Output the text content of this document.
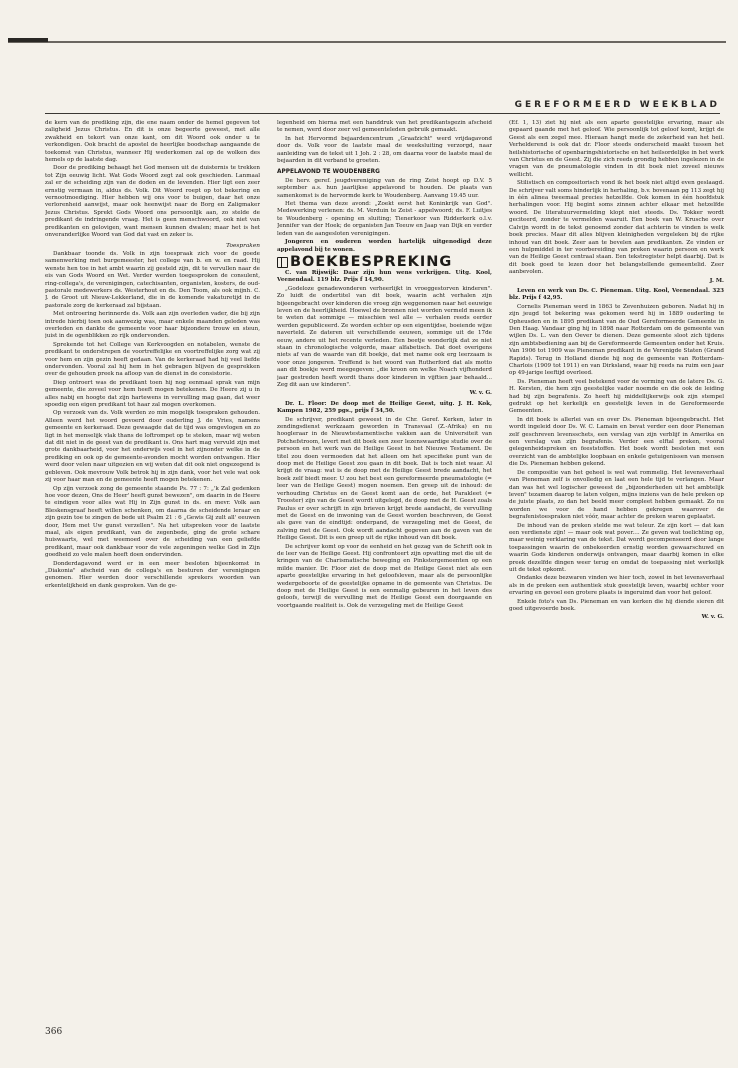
GEREFORMEERD WEEKBLAD

de kern van de prediking zijn, die ene naam onder de hemel gegeven tot zaligheid Jezus Christus. En dit is onze begeerte geweest, met alle zwakheid en tekort van onze kant, om dit Woord ook onder u te verkondigen. Ook bracht de apostel de heerlijke boodschap aangaande de toekomst van Christus, wanneer Hij wederkomen zal op de wolken des hemels op de laatste dag.

Door de prediking behaagt het God mensen uit de duisternis te trekken tot Zijn eeuwig licht. Wat Gods Woord zegt zal ook geschieden. Lanmaal zal er de scheiding zijn van de doden en de levenden. Hier ligt een zeer ernstig vermaan in, aldus ds. Volk. Dit Woord roept op tot bekering en vernootmoediging. Hier hebben wij ons voor te buigen, daar het onze verlorenheid aanwijst, maar ook heenwijst naar de Borg en Zaligmaker Jezus Christus. Sprekt Gods Woord ons persoonlijk aan, zo stelde de predikant de indringende vraag. Het is geen menschwoord, ook niet van predikanten en gelovigen, want mensen kunnen dwalen; maar het is het onveranderlijke Woord van God dat vast en zeker is.

Toespraken

Dankbaar toonde ds. Volk in zijn toespraak zich voor de goede samenwerking met burgemeester, het college van b. en w. en raad. Hij wenste hen toe in het ambt waarin zij gesteld zijn, dit te vervullen naar de eis van Gods Woord en Wet. Verder werden toegesproken de consulent, ring-collega's, de verenigingen, catechisanten, organisten, kosters, de oud-pastorale medewerkers ds. Westerhout en ds. Den Toom, als ook mijnh. C. J. de Groot uit Nieuw-Lekkerland, die in de komende vakaturetijd in de pastorale zorg de kerkeraad zal bijstaan.

Met ontroering herinnerde ds. Volk aan zijn overleden vader, die bij zijn intrede hierbij toen ook aanwezig was, maar enkele maanden geleden was overleden en dankte de gemeente voor haar bijzondere trouw en steun, juist in de ogenblikken zo rijk ondervonden.

Sprekende tot het College van Kerkvoogden en notabelen, wenste de predikant te onderstrepen de voortreffelijke en voortreffelijke zorg wat zij voor hem en zijn gezin heeft gedaan. Van de kerkeraad had hij veel liefde ondervonden. Vooral zal hij hem in het gebragen blijven de gesprekken over de gehouden preek na afloop van de dienst in de consistorie.

Diep ontroert was de predikant toen hij nog eenmaal sprak van mijn gemeente, die zoveel voor hem heeft mogen betekenen. De Heere zij u in alles nabij en hoogte dat zijn hartewens in vervulling mag gaan, dat weer spoedig een eigen predikant tot haar zal mogen overkomen.

Op verzoek van ds. Volk werden zo min mogelijk toespraken gehouden. Alleen werd het woord gevoerd door ouderling J. de Vries, namens gemeente en kerkeraad. Deze gewaagde dat de tijd was omgevlogen en zo ligt in het menselijk vlak thans de loftrompet op te steken, maar wij weten dat dit niet in de geest van de predikant is. Ons hart mag vervuld zijn met grote dankbaarheid, voor het onderwijs voel in het zijnonder welke in de prediking en ook op de gemeente-avonden mocht worden ontvangen. Hier werd door velen naar uitgezien en wij weten dat dit ook niet ongezegend is gebleven. Ook mevrouw Volk betrok hij in zijn dank, voor het vele wat ook zij voor haar man en de gemeente heeft mogen betekenen.

Op zijn verzoek zong de gemeente staande Ps. 77 : 7: „'k Zal gedenken hoe voor dezen, Ons de Heer' heeft gunst bewezen", om daarin in de Heere te eindigen voor alles wat Hij in Zijn gunst in ds. en mevr. Volk aan Bleskensgraaf heeft willen schenken, om daarna de scheidende leraar en zijn gezin toe te zingen de bede uit Psalm 21 : 6 „Gewis Gij zult all' eeuwen door, Hem met Uw gunst verzellen". Na het uitspreken voor de laatste maal, als eigen predikant, van de zegenbede, ging de grote schare huiswaarts, wel met weemoed over de scheiding van een geliefde predikant, maar ook dankbaar voor de vele zegeningen welke God in Zijn goedheid zo vele malen heeft doen ondervinden.

Donderdagavond werd er in een meer besloten bijeenkomst in „Diakonia" afscheid van de collega's en besturen der verenigingen genomen. Hier werden door verschillende sprekers woorden van erkentelijkheid en dank gesproken. Van de ge-

legenheid om hierna met een handdruk van het predikantsgezin afscheid te nemen, werd door zeer vel gemeenteleden gebruik gemaakt.

In het Hervormd bejaardencentrum „Graafzicht" werd vrijdagavond door ds. Volk voor de laatste maal de weeksluiting verzorgd, naar aanleiding van de tekst uit 1 Joh. 2 : 28, om daarna voor de laatste maal de bejaarden in dit verband te groeten.

APPELAVOND TE WOUDENBERG

De herv. geref. jeugdvereniging van de ring Zeist hoopt op D.V. 5 september a.s. hun jaarlijkse appelavond te houden. De plaats van samenkomst is de hervormde kerk te Woudenberg. Aanvang 19.45 uur.

Het thema van deze avond: „Zoekt eerst het Koninkrijk van God". Medewerking verlenen: ds. M. Verduin te Zeist - appelwoord; ds. F. Luitjes te Woudenberg - opening en sluiting; Tienerkoor van Ridderkerk o.l.v. Jennifer van der Hoek; de organisten Jan Teeuw en Jaap van Dijk en verder leden van de aangesloten verenigingen.

Jongeren en ouderen worden hartelijk uitgenodigd deze appelavond bij te wonen.

BOEKBESPREKING

C. van Rijswijk: Daar zijn hun wens verkrijgen. Uitg. Kool, Veenendaal. 119 blz. Prijs f 14,90.

„Godeloze genadewonderen verheerlijkt in vroeggestorven kinderen". Zo luidt de ondertitel van dit boek, waarin acht verhalen zijn bijeengebracht over kinderen die vroeg zijn weggenomen naar het eeuwige leven en de heerlijkheid. Hoewel de bronnen niet worden vermeld meen ik te weten dat sommige — misschien wel alle — verhalen reeds eerder werden gepubliceerd. Ze worden echter op een eigentijdse, boeiende wijze naverteld. Ze dateren uit verschillende eeuwen, sommige uit de 17de eeuw, andere uit het recente verleden. Een beetje wonderlijk dat ze niet staan in chronologische volgorde, maar alfabetisch. Dat doet overigens niets af van de waarde van dit boekje, dat met name ook erg leerzaam is voor onze jongeren. Treffend is het woord van Rutherford dat als motto aan dit boekje werd meegegeven: „die kroon om welke Noach vijfhonderd jaar gestreden heeft wordt thans door kinderen in vijftien jaar behaald... Zeg dit aan uw kinderen".

W. v. G.

Dr. L. Floor: De doop met de Heilige Geest, uitg. J. H. Kok, Kampen 1982, 259 pgs., prijs f 34,50.

De schrijver, predikant geweest in de Chr. Geref. Kerken, later in zendingsdienst werkzaam geworden in Transvaal (Z.-Afrika) en nu hoogleraar in de Nieuwtestamentische vakken aan de Universiteit van Potchefstroom, levert met dit boek een zeer lezenswaardige studie over de persoon en het werk van de Heilige Geest in het Nieuwe Testament. De titel zou doen vermoeden dat het alleen om het specifieke punt van de doop met de Heilige Geest zou gaan in dit boek. Dat is toch niet waar. Al krijgt de vraag: wat is de doop met de Heilige Geest brede aandacht, het boek zelf biedt meer. U zou het best een gereformeerde pneumatologie (= leer van de Heilige Geest) mogen noemen. Een greep uit de inhoud: de verhouding Christus en de Geest komt aan de orde, het Parakleet (= Trooster) zijn van de Geest wordt uitgelegd, de doop met de H. Geest zoals Paulus er over schrijft in zijn brieven krijgt brede aandacht, de vervulling met de Geest en de inwoning van de Geest worden beschreven, de Geest als gave van de eindtijd: onderpand, de verzegeling met de Geest, de zalving met de Geest. Ook wordt aandacht gegeven aan de gaven van de Heilige Geest. Dit is een greep uit de rijke inhoud van dit boek.

De schrijver komt op voor de eenheid en het gezag van de Schrift ook in de leer van de Heilige Geest. Hij confronteert zijn opvatting met die uit de kringen van de Charismatische beweging en Pinkstergemeenten op een milde manier. Dr. Floor ziet de doop met de Heilige Geest niet als een aparte geestelijke ervaring in het geloofsleven, maar als de persoonlijke wedergeboorte of de geestelijke opname in de gemeente van Christus. De doop met de Heilige Geest is een eenmalig gebeuren in het leven des geloofs, terwijl de vervulling met de Heilige Geest een doorgaande en voortgaande realiteit is. Ook de verzegeling met de Heilige Geest

(Ef. 1, 13) ziet hij niet als een aparte geestelijke ervaring, maar als gepaard gaande met het geloof. Wie persoonlijk tot geloof komt, krijgt de Geest als een zegel mee. Hieraan hangt mede de zekerheid van het heil. Verhelderend is ook dat dr. Floor steeds onderscheid maakt tussen het heilshistorische of openbaringshistorische en het heilsordelijke in het werk van Christus en de Geest. Zij die zich reeds grondig hebben ingelezen in de vragen van de pneumatologie vinden in dit boek niet zoveel nieuws wellicht.

Stilistisch en compositorisch vond ik het boek niet altijd even geslaagd. De schrijver valt soms hinderlijk in herhaling, b.v. bovenaan pg 113 zegt hij in één alinea tweemaal precies hetzelfde. Ook komen in één hoofdstuk herhalingen voor. Hij begint soms zinnen achter elkaar met hetzelfde woord. De literatuurvermelding klopt niet steeds. Ds. Tokker wordt geciteerd, zonder te vermelden waaruit. Een boek van W. Krusche over Calvijn wordt in de tekst genoemd zonder dat achterin te vinden is welk boek precies. Maar dit alles blijven kleinigheden vergeleken bij de rijke inhoud van dit boek. Zeer aan te bevelen aan predikanten. Ze vinden er een hulpmiddel in ter voorbereiding van preken waarin persoon en werk van de Heilige Geest centraal staan. Een tekstregister helpt daarbij. Dat is dit boek goed te lezen door het belangstellende gemeentelid. Zeer aanbevolen.

J. M.

Leven en werk van Ds. C. Pieneman. Uitg. Kool, Veenendaal. 323 blz. Prijs f 42,95.

Cornelis Pieneman werd in 1863 te Zevenhuizen geboren. Nadat hij in zijn jeugd tot bekering was gekomen werd hij in 1889 ouderling te Opheusden en in 1895 predikant van de Oud Gereformeerde Gemeente in Den Haag. Vandaar ging hij in 1898 naar Rotterdam om de gemeente van wijlen Ds. L. van den Oever te dienen. Deze gemeente sloot zich tijdens zijn ambtsbediening aan bij de Gereformeerde Gemeenten onder het Kruis. Van 1906 tot 1909 was Pieneman predikant in de Verenigde Staten (Grand Rapids). Terug in Holland diende hij nog de gemeente van Rotterdam-Charlois (1909 tot 1911) en van Dirksland, waar hij reeds na ruim een jaar op 49-jarige leeftijd overleed.

Ds. Pieneman heeft veel betekend voor de vorming van de latere Ds. G. H. Kersten, die hem zijn geestelijke vader noemde en die ook de leiding had bij zijn begrafenis. Zo heeft hij middellijkerwijs ook zijn stempel gedrukt op het kerkelijk en geestelijk leven in de Gereformeerde Gemeenten.

In dit boek is allerlei van en over Ds. Pieneman bijeengebracht. Het wordt ingeleid door Ds. W. C. Lamain en bevat verder een door Pieneman zelf geschreven levensschets, een verslag van zijn verblijf in Amerika en een verslag van zijn begrafenis. Verder een elftal preken, vooral gelegenheidspreken en feeststoffen. Het boek wordt besloten met een overzicht van de ambtelijke loopbaan en enkele getuigenissen van mensen die Ds. Pieneman hebben gekend.

De compositie van het geheel is wel wat rommelig. Het levensverhaal van Pieneman zelf is onvolledig en laat een hele tijd te verlangen. Maar dan was het wel logischer geweest de „bijzonderheden uit het ambtelijk leven" tezamen daarop te laten volgen, mijns inziens van de hele preken op de juiste plaats, zo dan het beeld meer compleet hebben gemaakt. Zo nu worden we voor de hand hebben gekregen waarover de begrafenistoespraken niet vóór, maar achter de preken waren geplaatst.

De inhoud van de preken stelde me wat teleur. Ze zijn kort — dat kan een verdienste zijn! — maar ook wat pover.... Ze geven wat toelichting op, maar weinig verklaring van de tekst. Dat wordt gecompenseerd door lange toepassingen waarin de onbekeerden ernstig worden gewaarschuwd en waarin Gods kinderen onderwijs ontvangen, maar daarbij komen in elke preek dezelfde dingen weer terug en omdat de toepassing niet werkelijk uit de tekst opkomt.

Ondanks deze bezwaren vinden we hier toch, zowel in het levensverhaal als in de preken een authentiek stuk geestelijk leven, waarbij echter voor ervaring en gevoel een grotere plaats is ingeruimd dan voor het geloof.

Enkele foto's van Ds. Pieneman en van kerken die hij diende sieren dit goed uitgevoerde boek.

W. v. G.
366
